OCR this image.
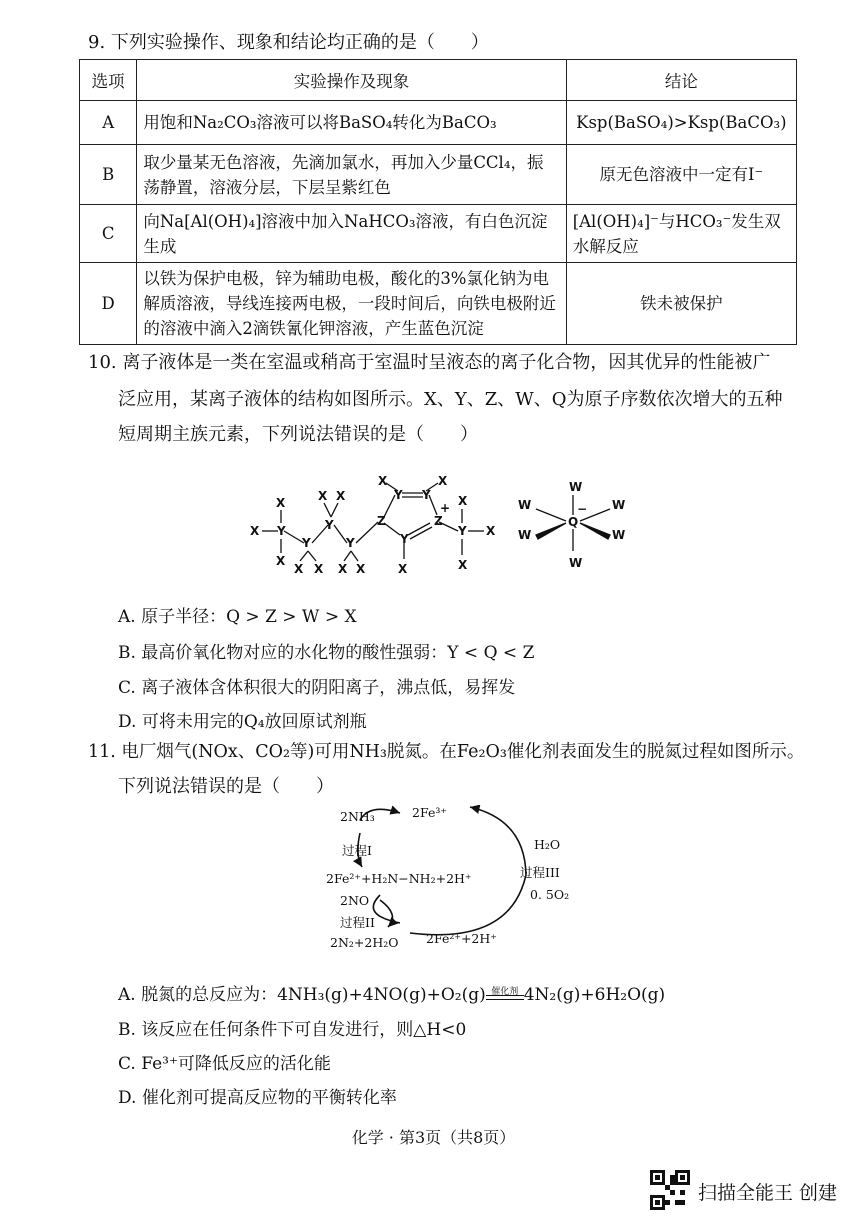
9. 下列实验操作、现象和结论均正确的是（　　）
选项	实验操作及现象	结论
A	用饱和Na₂CO₃溶液可以将BaSO₄转化为BaCO₃	Ksp(BaSO₄)>Ksp(BaCO₃)
B	取少量某无色溶液，先滴加氯水，再加入少量CCl₄，振荡静置，溶液分层，下层呈紫红色	原无色溶液中一定有I⁻
C	向Na[Al(OH)₄]溶液中加入NaHCO₃溶液，有白色沉淀生成	[Al(OH)₄]⁻与HCO₃⁻发生双水解反应
D	以铁为保护电极，锌为辅助电极，酸化的3%氯化钠为电解质溶液，导线连接两电极，一段时间后，向铁电极附近的溶液中滴入2滴铁氰化钾溶液，产生蓝色沉淀	铁未被保护
10. 离子液体是一类在室温或稍高于室温时呈液态的离子化合物，因其优异的性能被广
泛应用，某离子液体的结构如图所示。X、Y、Z、W、Q为原子序数依次增大的五种
短周期主族元素，下列说法错误的是（　　）
X Y
X
X
Y
X X
Y
X X
Y
X X
Z
Y Y
X	X
Z
+
Y
X
Y
X
X
X
W
−
Q
W
W	W
W	W
A. 原子半径：Q > Z > W > X
B. 最高价氧化物对应的水化物的酸性强弱：Y < Q < Z
C. 离子液体含体积很大的阴阳离子，沸点低，易挥发
D. 可将未用完的Q₄放回原试剂瓶
11. 电厂烟气(NOx、CO₂等)可用NH₃脱氮。在Fe₂O₃催化剂表面发生的脱氮过程如图所示。
下列说法错误的是（　　）
2NH₃	2Fe³⁺
过程I
2Fe²⁺+H₂N−NH₂+2H⁺
2NO
过程II
2N₂+2H₂O 2Fe²⁺+2H⁺
H₂O
过程III
0. 5O₂
A. 脱氮的总反应为：4NH₃(g)+4NO(g)+O₂(g) 催化剂 4N₂(g)+6H₂O(g)
B. 该反应在任何条件下可自发进行，则△H<0
C. Fe³⁺可降低反应的活化能
D. 催化剂可提高反应物的平衡转化率
化学 · 第3页（共8页）
扫描全能王 创建
